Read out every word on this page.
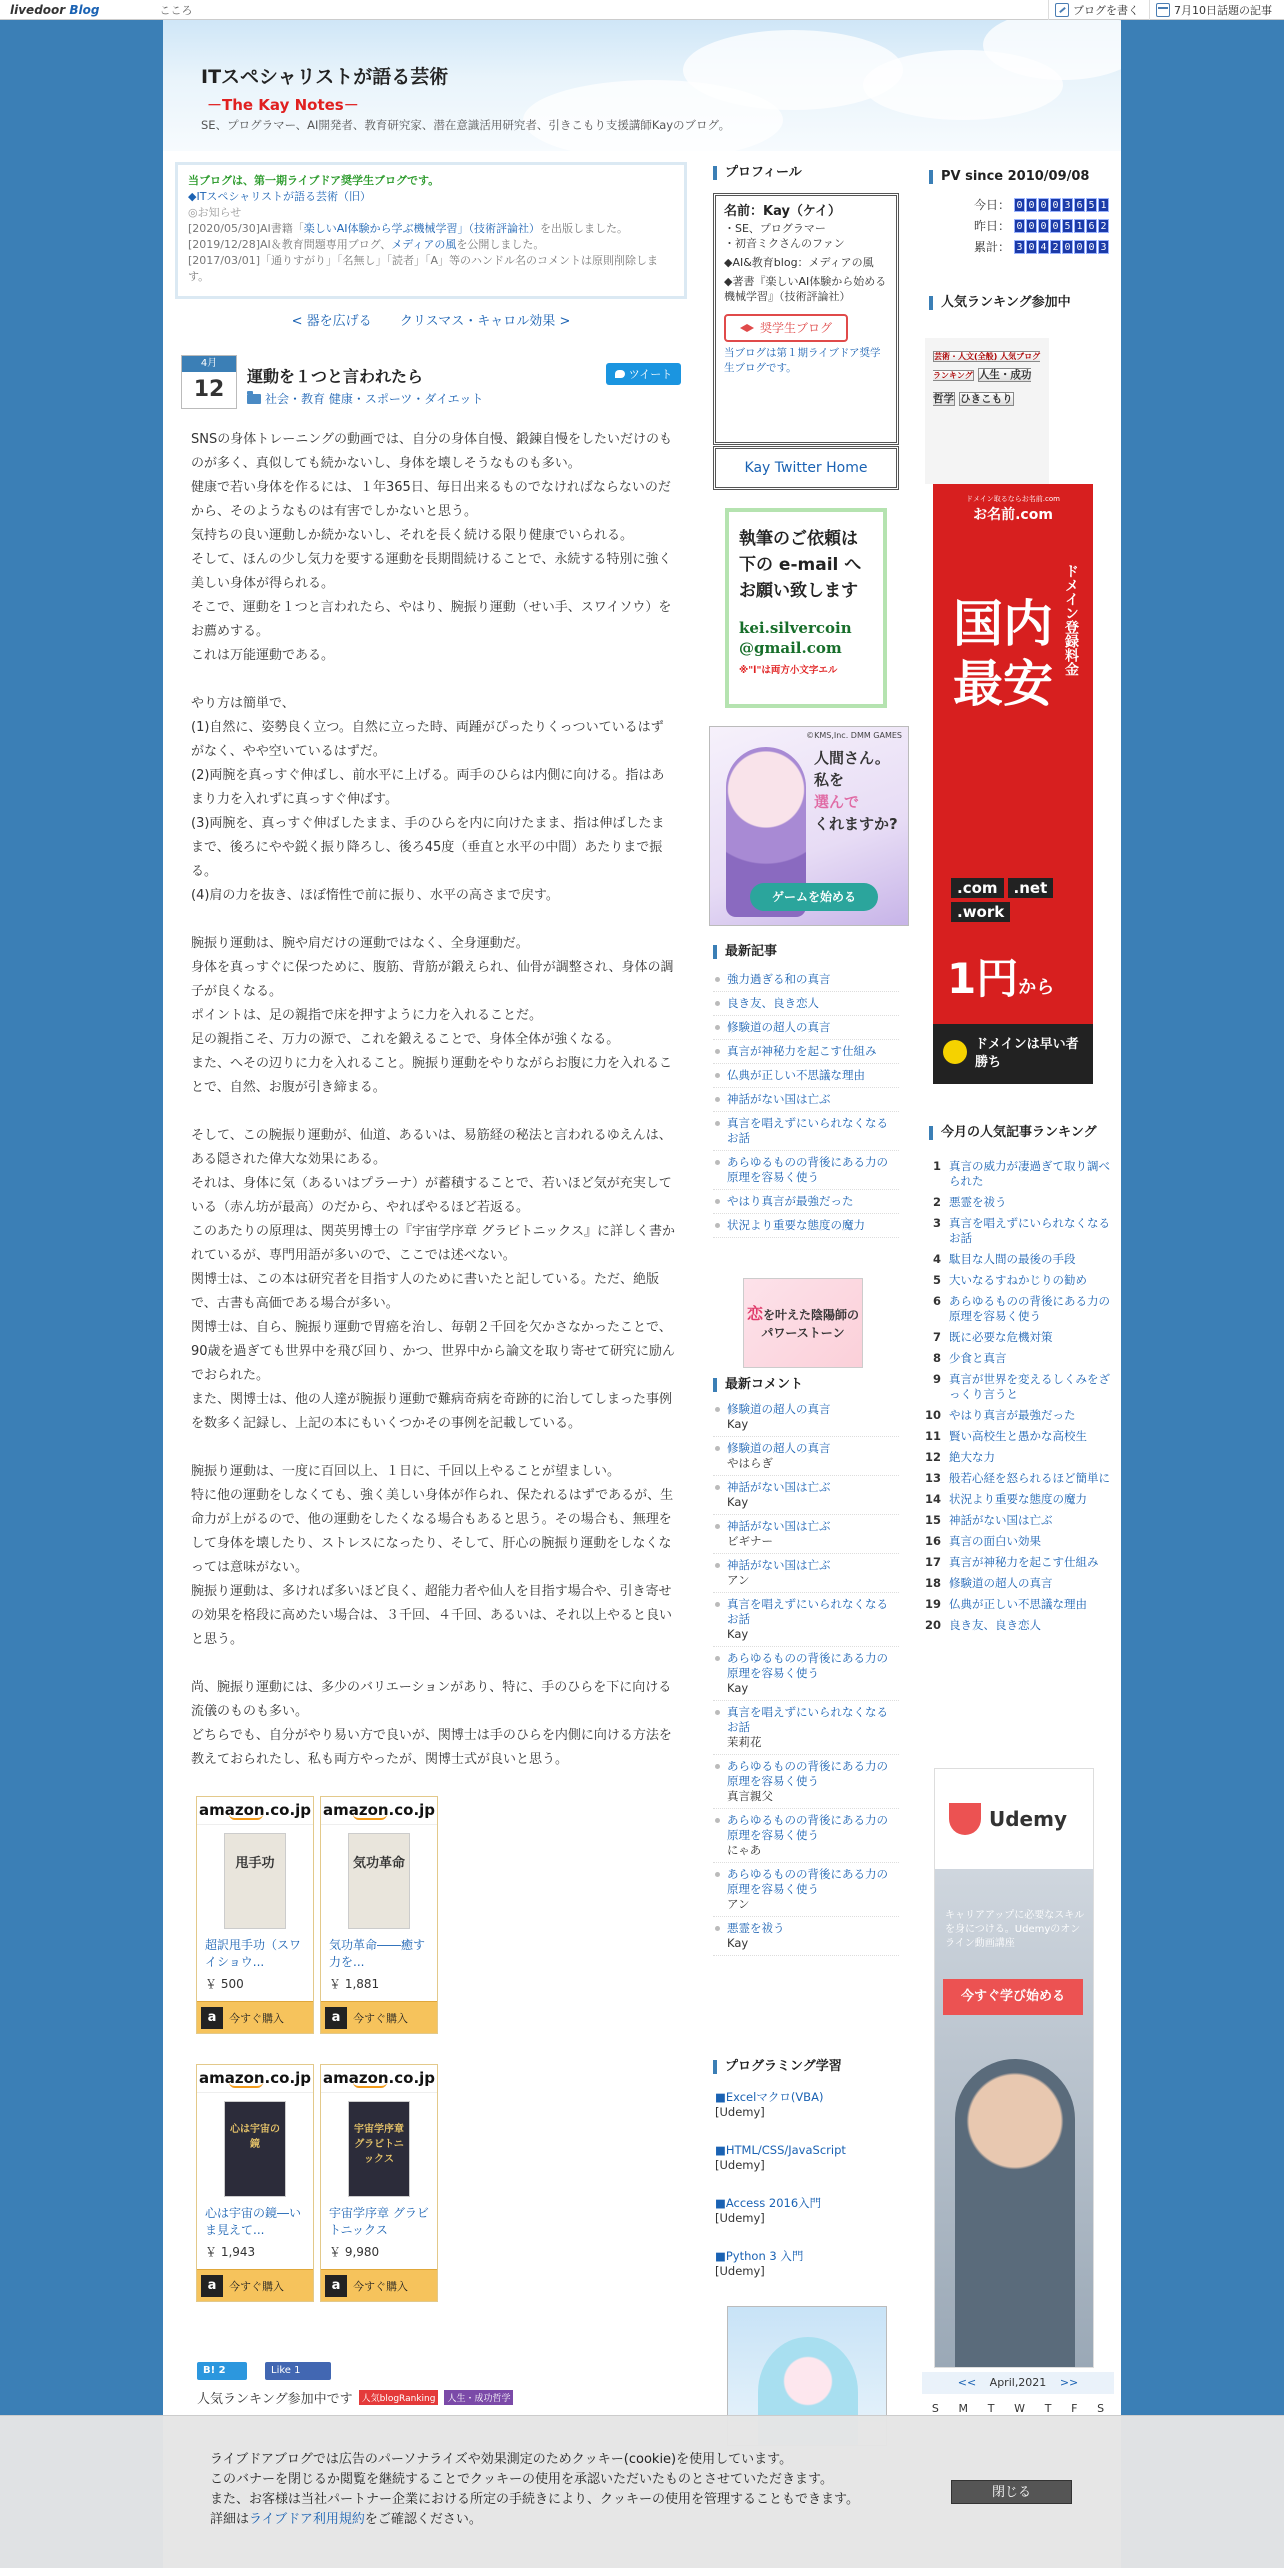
livedoor Blog	こころ	ブログを書く	7月10日話題の記事
ITスペシャリストが語る芸術
－The Kay Notes－
SE、プログラマー、AI開発者、教育研究家、潜在意識活用研究者、引きこもり支援講師Kayのブログ。
当ブログは、第一期ライブドア奨学生ブログです。
◆ITスペシャリストが語る芸術（旧）
◎お知らせ
[2020/05/30]AI書籍「楽しいAI体験から学ぶ機械学習」（技術評論社）を出版しました。
[2019/12/28]AI＆教育問題専用ブログ、メディアの風を公開しました。
[2017/03/01]「通りすがり」「名無し」「読者」「A」等のハンドル名のコメントは原則削除します。
< 器を広げる クリスマス・キャロル効果 >
4月
12
運動を１つと言われたら
社会・教育 健康・スポーツ・ダイエット
ツイート

SNSの身体トレーニングの動画では、自分の身体自慢、鍛錬自慢をしたいだけのものが多く、真似しても続かないし、身体を壊しそうなものも多い。

健康で若い身体を作るには、１年365日、毎日出来るものでなければならないのだから、そのようなものは有害でしかないと思う。

気持ちの良い運動しか続かないし、それを長く続ける限り健康でいられる。

そして、ほんの少し気力を要する運動を長期間続けることで、永続する特別に強く美しい身体が得られる。

そこで、運動を１つと言われたら、やはり、腕振り運動（せい手、スワイソウ）をお薦めする。

これは万能運動である。

やり方は簡単で、

(1)自然に、姿勢良く立つ。自然に立った時、両踵がぴったりくっついているはずがなく、やや空いているはずだ。

(2)両腕を真っすぐ伸ばし、前水平に上げる。両手のひらは内側に向ける。指はあまり力を入れずに真っすぐ伸ばす。

(3)両腕を、真っすぐ伸ばしたまま、手のひらを内に向けたまま、指は伸ばしたままで、後ろにやや鋭く振り降ろし、後ろ45度（垂直と水平の中間）あたりまで振る。

(4)肩の力を抜き、ほぼ惰性で前に振り、水平の高さまで戻す。

腕振り運動は、腕や肩だけの運動ではなく、全身運動だ。

身体を真っすぐに保つために、腹筋、背筋が鍛えられ、仙骨が調整され、身体の調子が良くなる。

ポイントは、足の親指で床を押すように力を入れることだ。

足の親指こそ、万力の源で、これを鍛えることで、身体全体が強くなる。

また、へその辺りに力を入れること。腕振り運動をやりながらお腹に力を入れることで、自然、お腹が引き締まる。

そして、この腕振り運動が、仙道、あるいは、易筋経の秘法と言われるゆえんは、ある隠された偉大な効果にある。

それは、身体に気（あるいはプラーナ）が蓄積することで、若いほど気が充実している（赤ん坊が最高）のだから、やればやるほど若返る。

このあたりの原理は、関英男博士の『宇宙学序章 グラビトニックス』に詳しく書かれているが、専門用語が多いので、ここでは述べない。

関博士は、この本は研究者を目指す人のために書いたと記している。ただ、絶版で、古書も高価である場合が多い。

関博士は、自ら、腕振り運動で胃癌を治し、毎朝２千回を欠かさなかったことで、90歳を過ぎても世界中を飛び回り、かつ、世界中から論文を取り寄せて研究に励んでおられた。

また、関博士は、他の人達が腕振り運動で難病奇病を奇跡的に治してしまった事例を数多く記録し、上記の本にもいくつかその事例を記載している。

腕振り運動は、一度に百回以上、１日に、千回以上やることが望ましい。

特に他の運動をしなくても、強く美しい身体が作られ、保たれるはずであるが、生命力が上がるので、他の運動をしたくなる場合もあると思う。その場合も、無理をして身体を壊したり、ストレスになったり、そして、肝心の腕振り運動をしなくなっては意味がない。

腕振り運動は、多ければ多いほど良く、超能力者や仙人を目指す場合や、引き寄せの効果を格段に高めたい場合は、３千回、４千回、あるいは、それ以上やると良いと思う。

尚、腕振り運動には、多少のバリエーションがあり、特に、手のひらを下に向ける流儀のものも多い。

どちらでも、自分がやり易い方で良いが、関博士は手のひらを内側に向ける方法を教えておられたし、私も両方やったが、関博士式が良いと思う。

amazon.co.jp
甩手功
超訳甩手功（スワイショウ...
￥ 500
a	今すぐ購入
amazon.co.jp
気功革命
気功革命――癒す力を...
￥ 1,881
a	今すぐ購入
amazon.co.jp
心は宇宙の鏡
心は宇宙の鏡―いま見えて...
￥ 1,943
a	今すぐ購入
amazon.co.jp
宇宙学序章 グラビトニックス
宇宙学序章 グラビトニックス
￥ 9,980
a	今すぐ購入
B! 2	Like 1
人気ランキング参加中です	人気blogRanking	人生・成功哲学
プロフィール
名前：Kay（ケイ）
・SE、プログラマー
・初音ミクさんのファン
◆AI&教育blog：メディアの風
◆著書『楽しいAI体験から始める機械学習』（技術評論社）
奨学生ブログ
当ブログは第１期ライブドア奨学生ブログです。
Kay Twitter Home
執筆のご依頼は下の e-mail へお願い致します
kei.silvercoin
@gmail.com
※"l"は両方小文字エル
©KMS,Inc. DMM GAMES
人間さん。
私を
選んで
くれますか?
ゲームを始める
最新記事
強力過ぎる和の真言
良き友、良き恋人
修験道の超人の真言
真言が神秘力を起こす仕組み
仏典が正しい不思議な理由
神話がない国は亡ぶ
真言を唱えずにいられなくなるお話
あらゆるものの背後にある力の原理を容易く使う
やはり真言が最強だった
状況より重要な態度の魔力
恋を叶えた陰陽師のパワーストーン
最新コメント
修験道の超人の真言
Kay
修験道の超人の真言
やはらぎ
神話がない国は亡ぶ
Kay
神話がない国は亡ぶ
ビギナー
神話がない国は亡ぶ
アン
真言を唱えずにいられなくなるお話
Kay
あらゆるものの背後にある力の原理を容易く使う
Kay
真言を唱えずにいられなくなるお話
茉莉花
あらゆるものの背後にある力の原理を容易く使う
真言親父
あらゆるものの背後にある力の原理を容易く使う
にゃあ
あらゆるものの背後にある力の原理を容易く使う
アン
悪霊を祓う
Kay
プログラミング学習
■Excelマクロ(VBA)
[Udemy]
■HTML/CSS/JavaScript
[Udemy]
■Access 2016入門
[Udemy]
■Python 3 入門
[Udemy]
PV since 2010/09/08
今日： 0 0 0 0 3 6 5 1
昨日： 0 0 0 0 5 1 6 2
累計： 3 0 4 2 0 0 0 3
人気ランキング参加中
芸術・人文(全般) 人気ブログランキング 人生・成功哲学 ひきこもり
ドメイン取るならお名前.com
お名前.com
ドメイン登録料金
国内最安
.com .net.work
1円から
ドメインは早い者勝ち
今月の人気記事ランキング
1 真言の威力が凄過ぎて取り調べられた
2 悪霊を祓う
3 真言を唱えずにいられなくなるお話
4 駄目な人間の最後の手段
5 大いなるすねかじりの勧め
6 あらゆるものの背後にある力の原理を容易く使う
7 既に必要な危機対策
8 少食と真言
9 真言が世界を変えるしくみをざっくり言うと
10 やはり真言が最強だった
11 賢い高校生と愚かな高校生
12 絶大な力
13 般若心経を怒られるほど簡単に
14 状況より重要な態度の魔力
15 神話がない国は亡ぶ
16 真言の面白い効果
17 真言が神秘力を起こす仕組み
18 修験道の超人の真言
19 仏典が正しい不思議な理由
20 良き友、良き恋人
Udemy
キャリアアップに必要なスキルを身につける。Udemyのオンライン動画講座
今すぐ学び始める
<< April,2021 >>
S M T W T F S
ライブドアブログでは広告のパーソナライズや効果測定のためクッキー(cookie)を使用しています。
このバナーを閉じるか閲覧を継続することでクッキーの使用を承認いただいたものとさせていただきます。
また、お客様は当社パートナー企業における所定の手続きにより、クッキーの使用を管理することもできます。
詳細はライブドア利用規約をご確認ください。
閉じる
